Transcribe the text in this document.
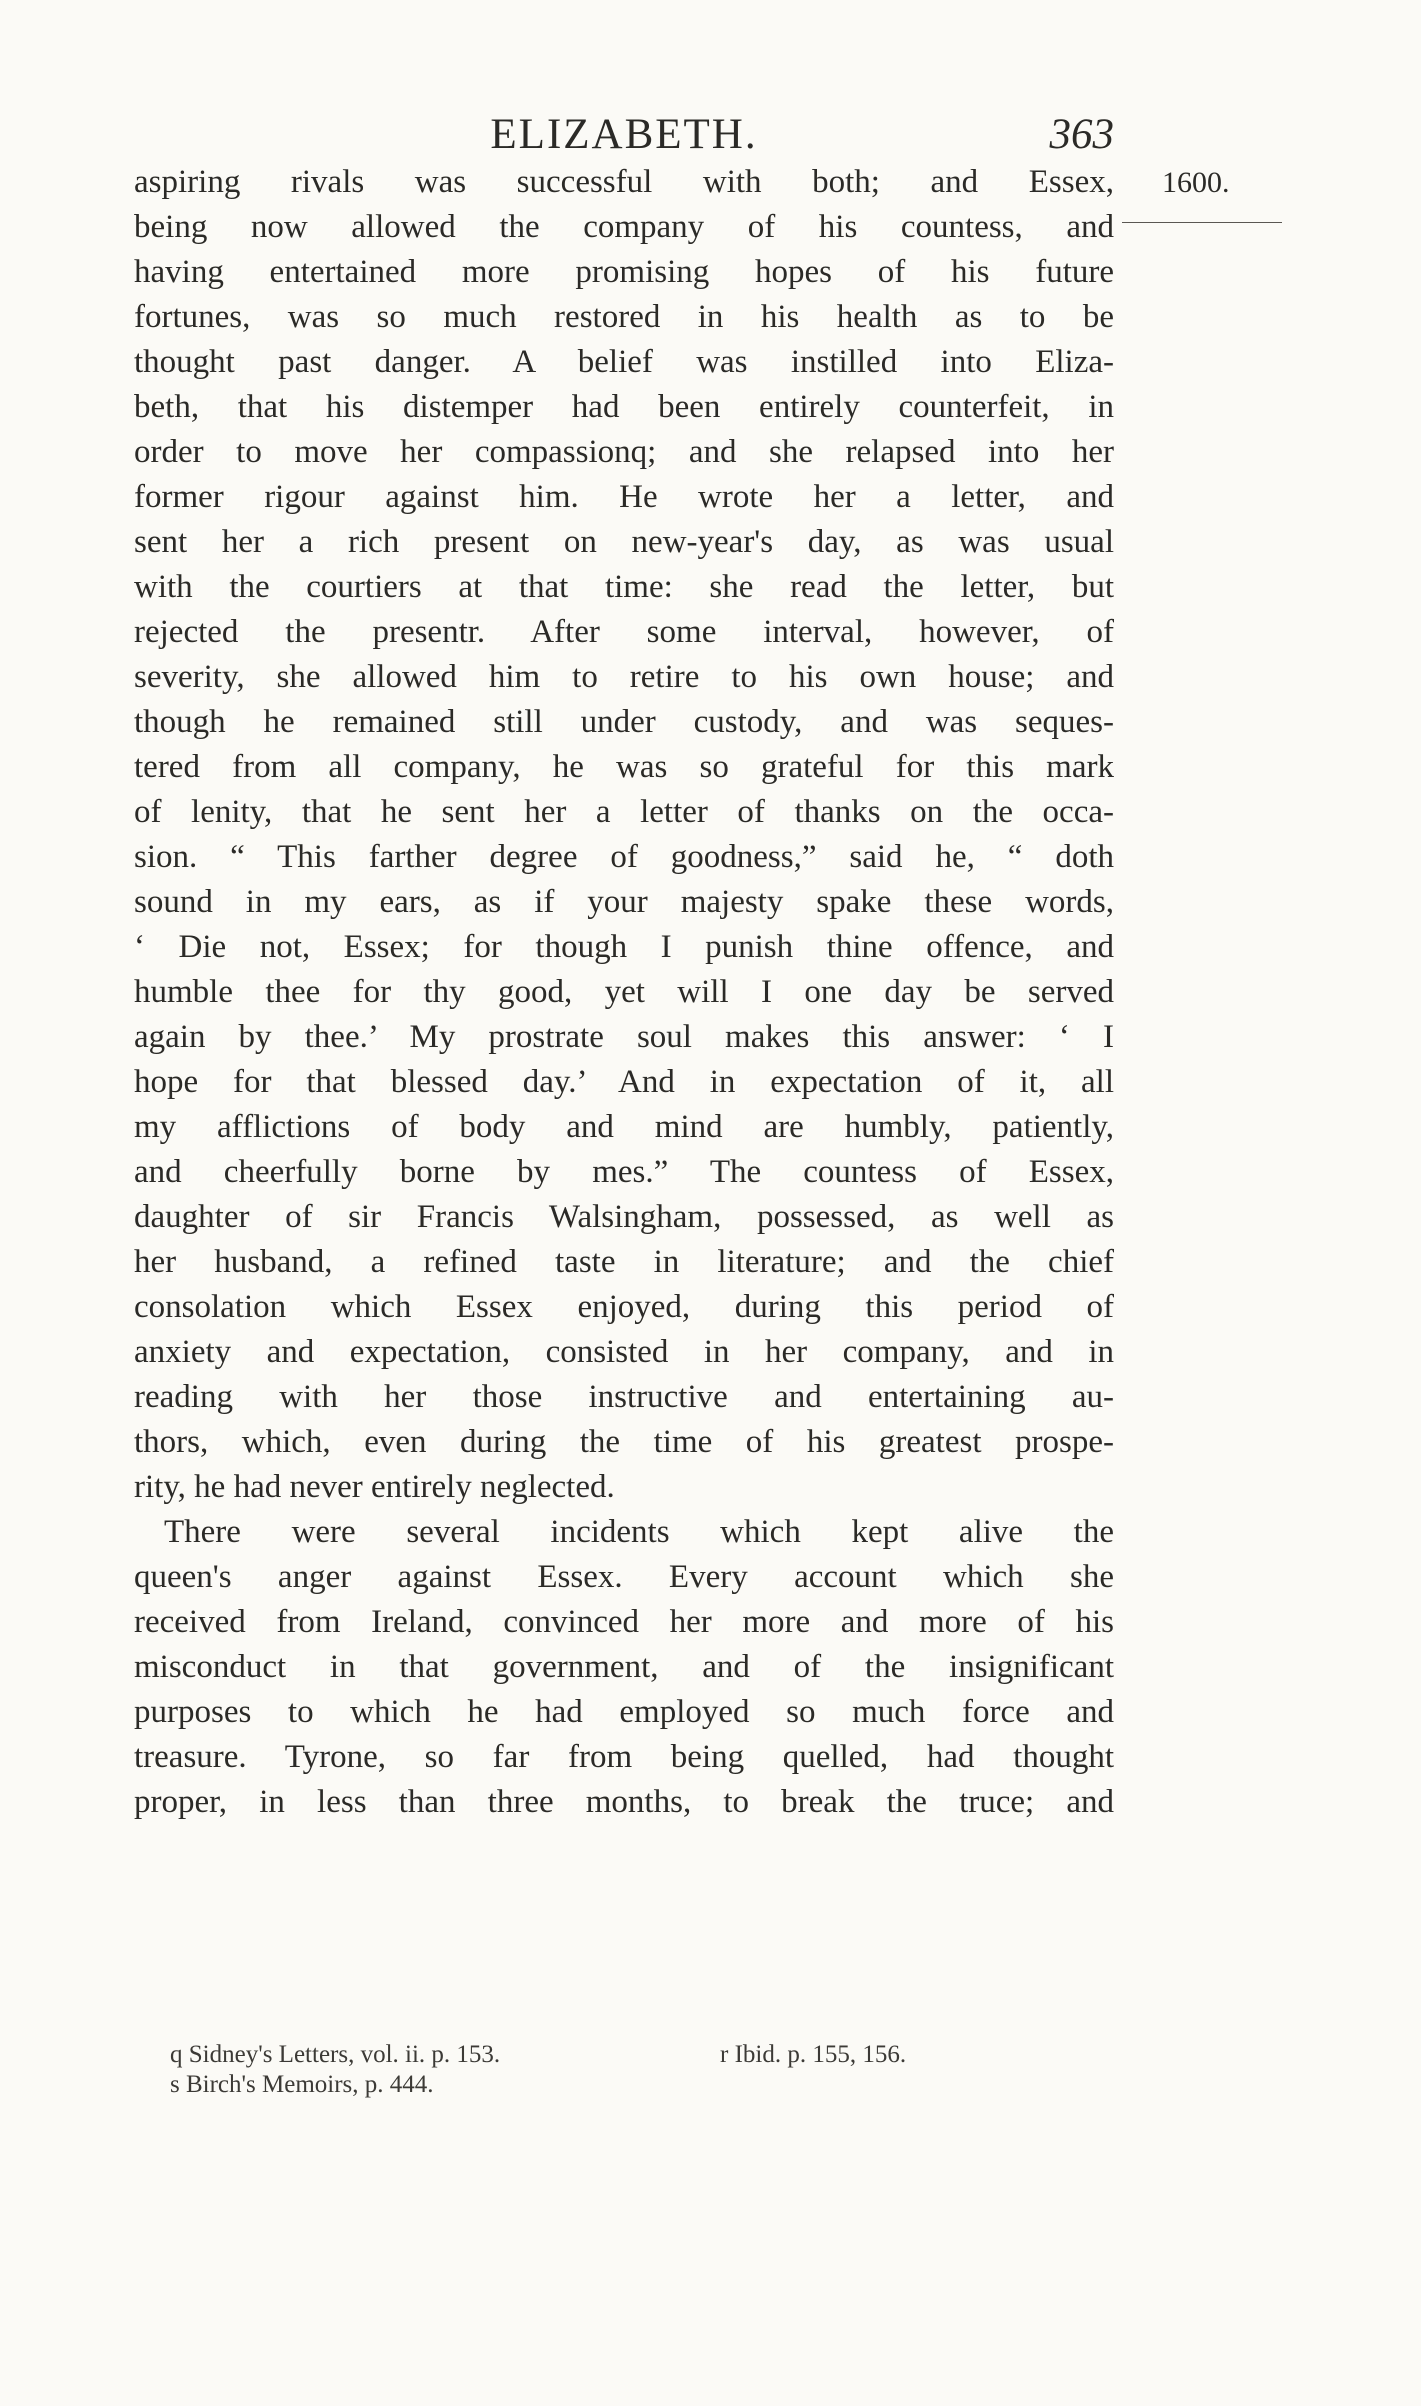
ELIZABETH.	363
1600.
aspiring rivals was successful with both; and Essex,
being now allowed the company of his countess, and
having entertained more promising hopes of his future
fortunes, was so much restored in his health as to be
thought past danger. A belief was instilled into Eliza-
beth, that his distemper had been entirely counterfeit, in
order to move her compassionq; and she relapsed into her
former rigour against him. He wrote her a letter, and
sent her a rich present on new-year's day, as was usual
with the courtiers at that time: she read the letter, but
rejected the presentr. After some interval, however, of
severity, she allowed him to retire to his own house; and
though he remained still under custody, and was seques-
tered from all company, he was so grateful for this mark
of lenity, that he sent her a letter of thanks on the occa-
sion. “ This farther degree of goodness,” said he, “ doth
sound in my ears, as if your majesty spake these words,
‘ Die not, Essex; for though I punish thine offence, and
humble thee for thy good, yet will I one day be served
again by thee.’ My prostrate soul makes this answer: ‘ I
hope for that blessed day.’ And in expectation of it, all
my afflictions of body and mind are humbly, patiently,
and cheerfully borne by mes.” The countess of Essex,
daughter of sir Francis Walsingham, possessed, as well as
her husband, a refined taste in literature; and the chief
consolation which Essex enjoyed, during this period of
anxiety and expectation, consisted in her company, and in
reading with her those instructive and entertaining au-
thors, which, even during the time of his greatest prospe-
rity, he had never entirely neglected.
There were several incidents which kept alive the
queen's anger against Essex. Every account which she
received from Ireland, convinced her more and more of his
misconduct in that government, and of the insignificant
purposes to which he had employed so much force and
treasure. Tyrone, so far from being quelled, had thought
proper, in less than three months, to break the truce; and
q Sidney's Letters, vol. ii. p. 153.	r Ibid. p. 155, 156.
s Birch's Memoirs, p. 444.
